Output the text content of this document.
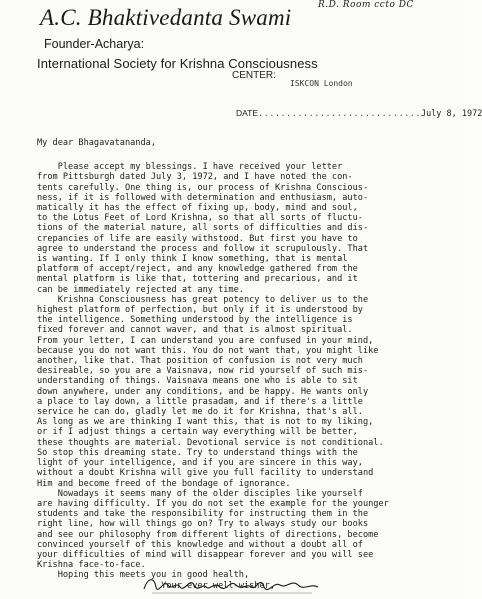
R.D. Room ccto DC
A.C. Bhaktivedanta Swami
Founder-Acharya:
International Society for Krishna Consciousness
CENTER:
ISKCON London
DATE.............................July 8, 1972
My dear Bhagavatananda,
Please accept my blessings. I have received your letter
from Pittsburgh dated July 3, 1972, and I have noted the con-
tents carefully. One thing is, our process of Krishna Conscious-
ness, if it is followed with determination and enthusiasm, auto-
matically it has the effect of fixing up, body, mind and soul,
to the Lotus Feet of Lord Krishna, so that all sorts of fluctu-
tions of the material nature, all sorts of difficulties and dis-
crepancies of life are easily withstood. But first you have to
agree to understand the process and follow it scrupulously. That
is wanting. If I only think I know something, that is mental
platform of accept/reject, and any knowledge gathered from the
mental platform is like that, tottering and precarious, and it
can be immediately rejected at any time.
Krishna Consciousness has great potency to deliver us to the
highest platform of perfection, but only if it is understood by
the intelligence. Something understood by the intelligence is
fixed forever and cannot waver, and that is almost spiritual.
From your letter, I can understand you are confused in your mind,
because you do not want this. You do not want that, you might like
another, like that. That position of confusion is not very much
desireable, so you are a Vaisnava, now rid yourself of such mis-
understanding of things. Vaisnava means one who is able to sit
down anywhere, under any conditions, and be happy. He wants only
a place to lay down, a little prasadam, and if there's a little
service he can do, gladly let me do it for Krishna, that's all.
As long as we are thinking I want this, that is not to my liking,
or if I adjust things a certain way everything will be better,
these thoughts are material. Devotional service is not conditional.
So stop this dreaming state. Try to understand things with the
light of your intelligence, and if you are sincere in this way,
without a doubt Krishna will give you full facility to understand
Him and become freed of the bondage of ignorance.
Nowadays it seems many of the older disciples like yourself
are having difficulty. If you do not set the example for the younger
students and take the responsibility for instructing them in the
right line, how will things go on? Try to always study our books
and see our philosophy from different lights of directions, become
convinced yourself of this knowledge and without a doubt all of
your difficulties of mind will disappear forever and you will see
Krishna face-to-face.
Hoping this meets you in good health,
Your ever well-wisher,
